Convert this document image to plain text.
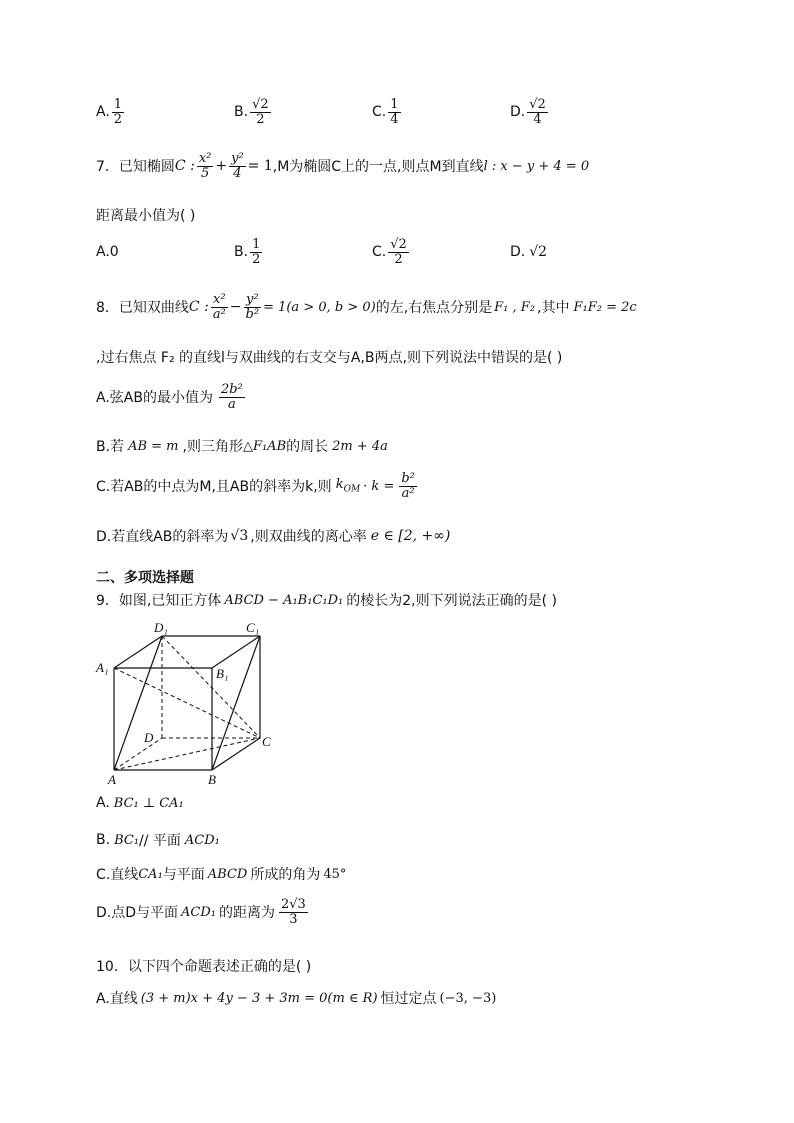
A. $\frac{1}{2}$	B. $\frac{√2}{2}$	C. $\frac{1}{4}$	D. $\frac{√2}{4}$
7． 已知椭圆 C : $\frac{\text{x²}}{5} + \frac{\text{y²}}{4} = 1$ ,M为椭圆C上的一点,则点M到直线 l : x − y + 4 = 0
距离最小值为( )
A.0	B. $\frac{1}{2}$	C. $\frac{√2}{2}$	D. √2
8． 已知双曲线 C : $\frac{\text{x²}}{\text{a²}} - \frac{\text{y²}}{\text{b²}} = 1(a > 0$, b > 0) 的左,右焦点分别是 F₁ , F₂ ,其中 F₁F₂ = 2c
,过右焦点 F₂ 的直线l与双曲线的右支交与A,B两点,则下列说法中错误的是( )
A.弦AB的最小值为 $\frac{\text{2b²}}{a}$
B.若 AB = m ,则三角形 △F₁AB 的周长 2m + 4a
C.若AB的中点为M,且AB的斜率为k,则 $k_{OM} \cdot k = \frac{\text{b²}}{\text{a²}}$
D.若直线AB的斜率为 √3 ,则双曲线的离心率 e ∈ [2, +∞)
二、多项选择题
9． 如图,已知正方体 ABCD − A₁B₁C₁D₁ 的棱长为2,则下列说法正确的是( )
D₁	C₁
A₁	B₁
D	C
A	B
A. BC₁ ⊥ CA₁
B. BC₁ // 平面 ACD₁
C.直线 CA₁ 与平面 ABCD 所成的角为 45°
D.点D与平面 ACD₁ 的距离为 $\frac{2√3}{3}$
10． 以下四个命题表述正确的是( )
A.直线 (3 + m)x + 4y − 3 + 3m = 0(m ∈ R) 恒过定点 (−3, −3)
